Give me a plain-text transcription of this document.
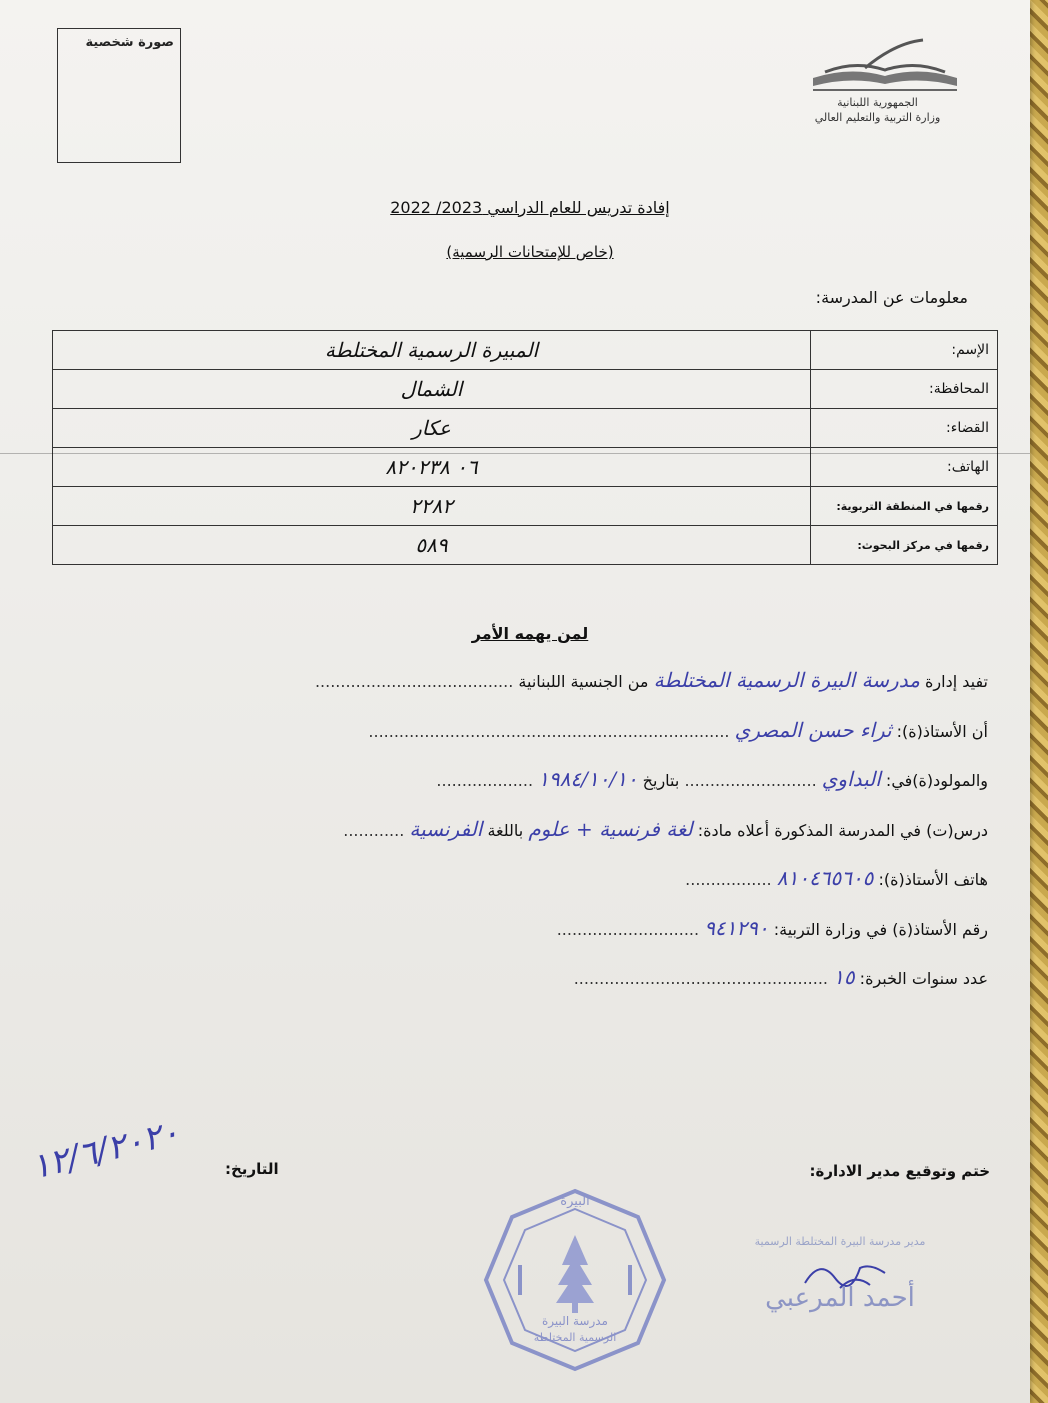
صورة شخصية
الجمهورية اللبنانية
وزارة التربية والتعليم العالي
إفادة تدريس للعام الدراسي 2023/ 2022
(خاص للإمتحانات الرسمية)
معلومات عن المدرسة:
الإسم:	المبيرة الرسمية المختلطة
المحافظة:	الشمال
القضاء:	عكار
الهاتف:	٠٦ ٨٢٠٢٣٨
رقمها في المنطقة التربوية:	٢٢٨٢
رقمها في مركز البحوث:	٥٨٩
لمن يهمه الأمر
تفيد إدارة مدرسة البيرة الرسمية المختلطة من الجنسية اللبنانية .......................................
أن الأستاذ(ة): ثراء حسن المصري .......................................................................
والمولود(ة)في: البداوي .......................... بتاريخ ١٩٨٤/١٠/١٠ ...................
درس(ت) في المدرسة المذكورة أعلاه مادة: لغة فرنسية + علوم باللغة الفرنسية ............
هاتف الأستاذ(ة): ٨١٠٤٦٥٦٠٥ .................
رقم الأستاذ(ة) في وزارة التربية: ٩٤١٢٩٠ ............................
عدد سنوات الخبرة: ١٥ ..................................................
التاريخ:
١٢/٦/٢٠٢٠	ختم وتوقيع مدير الادارة:
البيرة
مدرسة البيرة
الرسمية المختلطة
مدير مدرسة البيرة المختلطة الرسمية
أحمد المرعبي
